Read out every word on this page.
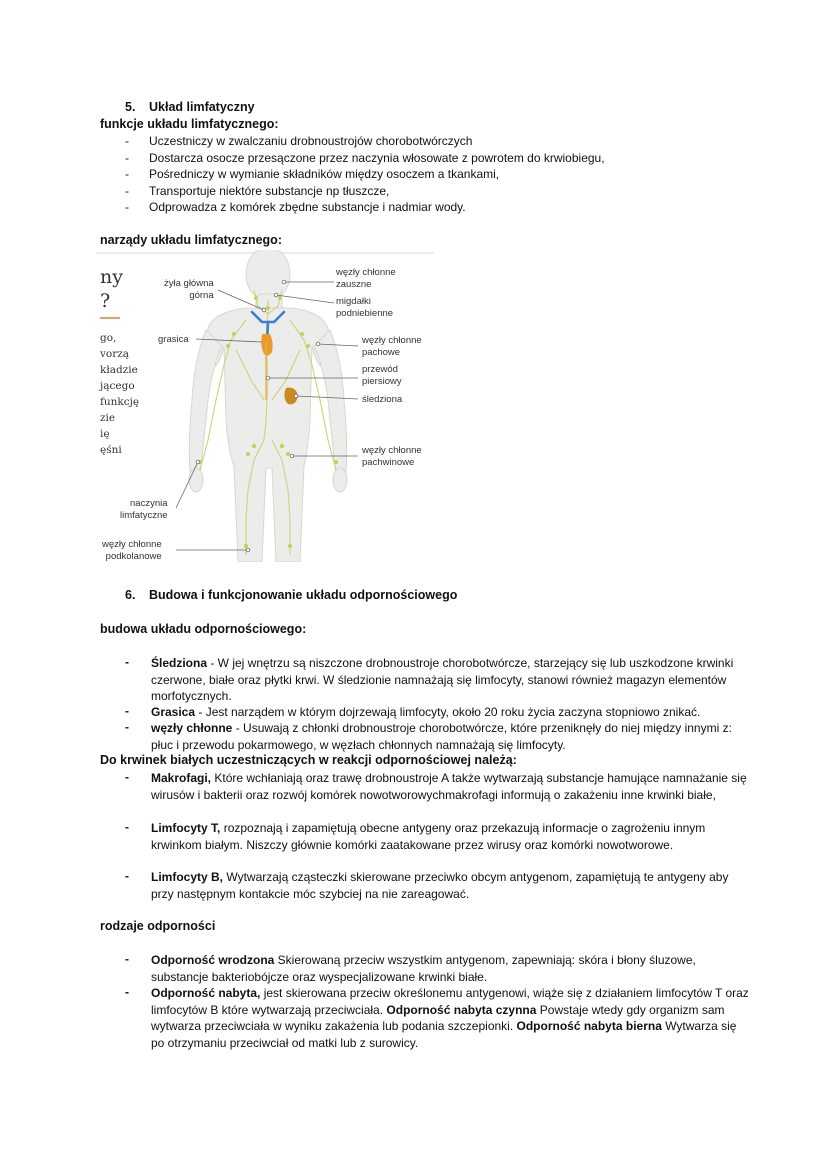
5. Układ limfatyczny
funkcje układu limfatycznego:
- Uczestniczy w zwalczaniu drobnoustrojów chorobotwórczych
- Dostarcza osocze przesączone przez naczynia włosowate z powrotem do krwiobiegu,
- Pośredniczy w wymianie składników między osoczem a tkankami,
- Transportuje niektóre substancje np tłuszcze,
- Odprowadza z komórek zbędne substancje i nadmiar wody.
narządy układu limfatycznego:
ny
?
go,
vorzą
kładzie
jącego
funkcję
zie
ię
ęśni
żyła główna
górna
grasica
naczynia
limfatyczne
węzły chłonne
podkolanowe
węzły chłonne
zauszne
migdałki
podniebienne
węzły chłonne
pachowe
przewód
piersiowy
śledziona
węzły chłonne
pachwinowe
6. Budowa i funkcjonowanie układu odpornościowego
budowa układu odpornościowego:
- Śledziona - W jej wnętrzu są niszczone drobnoustroje chorobotwórcze, starzejący się lub uszkodzone krwinki czerwone, białe oraz płytki krwi. W śledzionie namnażają się limfocyty, stanowi również magazyn elementów morfotycznych.
- Grasica - Jest narządem w którym dojrzewają limfocyty, około 20 roku życia zaczyna stopniowo znikać.
- węzły chłonne - Usuwają z chłonki drobnoustroje chorobotwórcze, które przeniknęły do niej między innymi z: płuc i przewodu pokarmowego, w węzłach chłonnych namnażają się limfocyty.
Do krwinek białych uczestniczących w reakcji odpornościowej należą:
- Makrofagi, Które wchłaniają oraz trawę drobnoustroje A także wytwarzają substancje hamujące namnażanie się wirusów i bakterii oraz rozwój komórek nowotworowychmakrofagi informują o zakażeniu inne krwinki białe,
- Limfocyty T, rozpoznają i zapamiętują obecne antygeny oraz przekazują informacje o zagrożeniu innym krwinkom białym. Niszczy głównie komórki zaatakowane przez wirusy oraz komórki nowotworowe.
- Limfocyty B, Wytwarzają cząsteczki skierowane przeciwko obcym antygenom, zapamiętują te antygeny aby przy następnym kontakcie móc szybciej na nie zareagować.
rodzaje odporności
- Odporność wrodzona Skierowaną przeciw wszystkim antygenom, zapewniają: skóra i błony śluzowe, substancje bakteriobójcze oraz wyspecjalizowane krwinki białe.
- Odporność nabyta, jest skierowana przeciw określonemu antygenowi, wiąże się z działaniem limfocytów T oraz limfocytów B które wytwarzają przeciwciała. Odporność nabyta czynna Powstaje wtedy gdy organizm sam wytwarza przeciwciała w wyniku zakażenia lub podania szczepionki. Odporność nabyta bierna Wytwarza się po otrzymaniu przeciwciał od matki lub z surowicy.
